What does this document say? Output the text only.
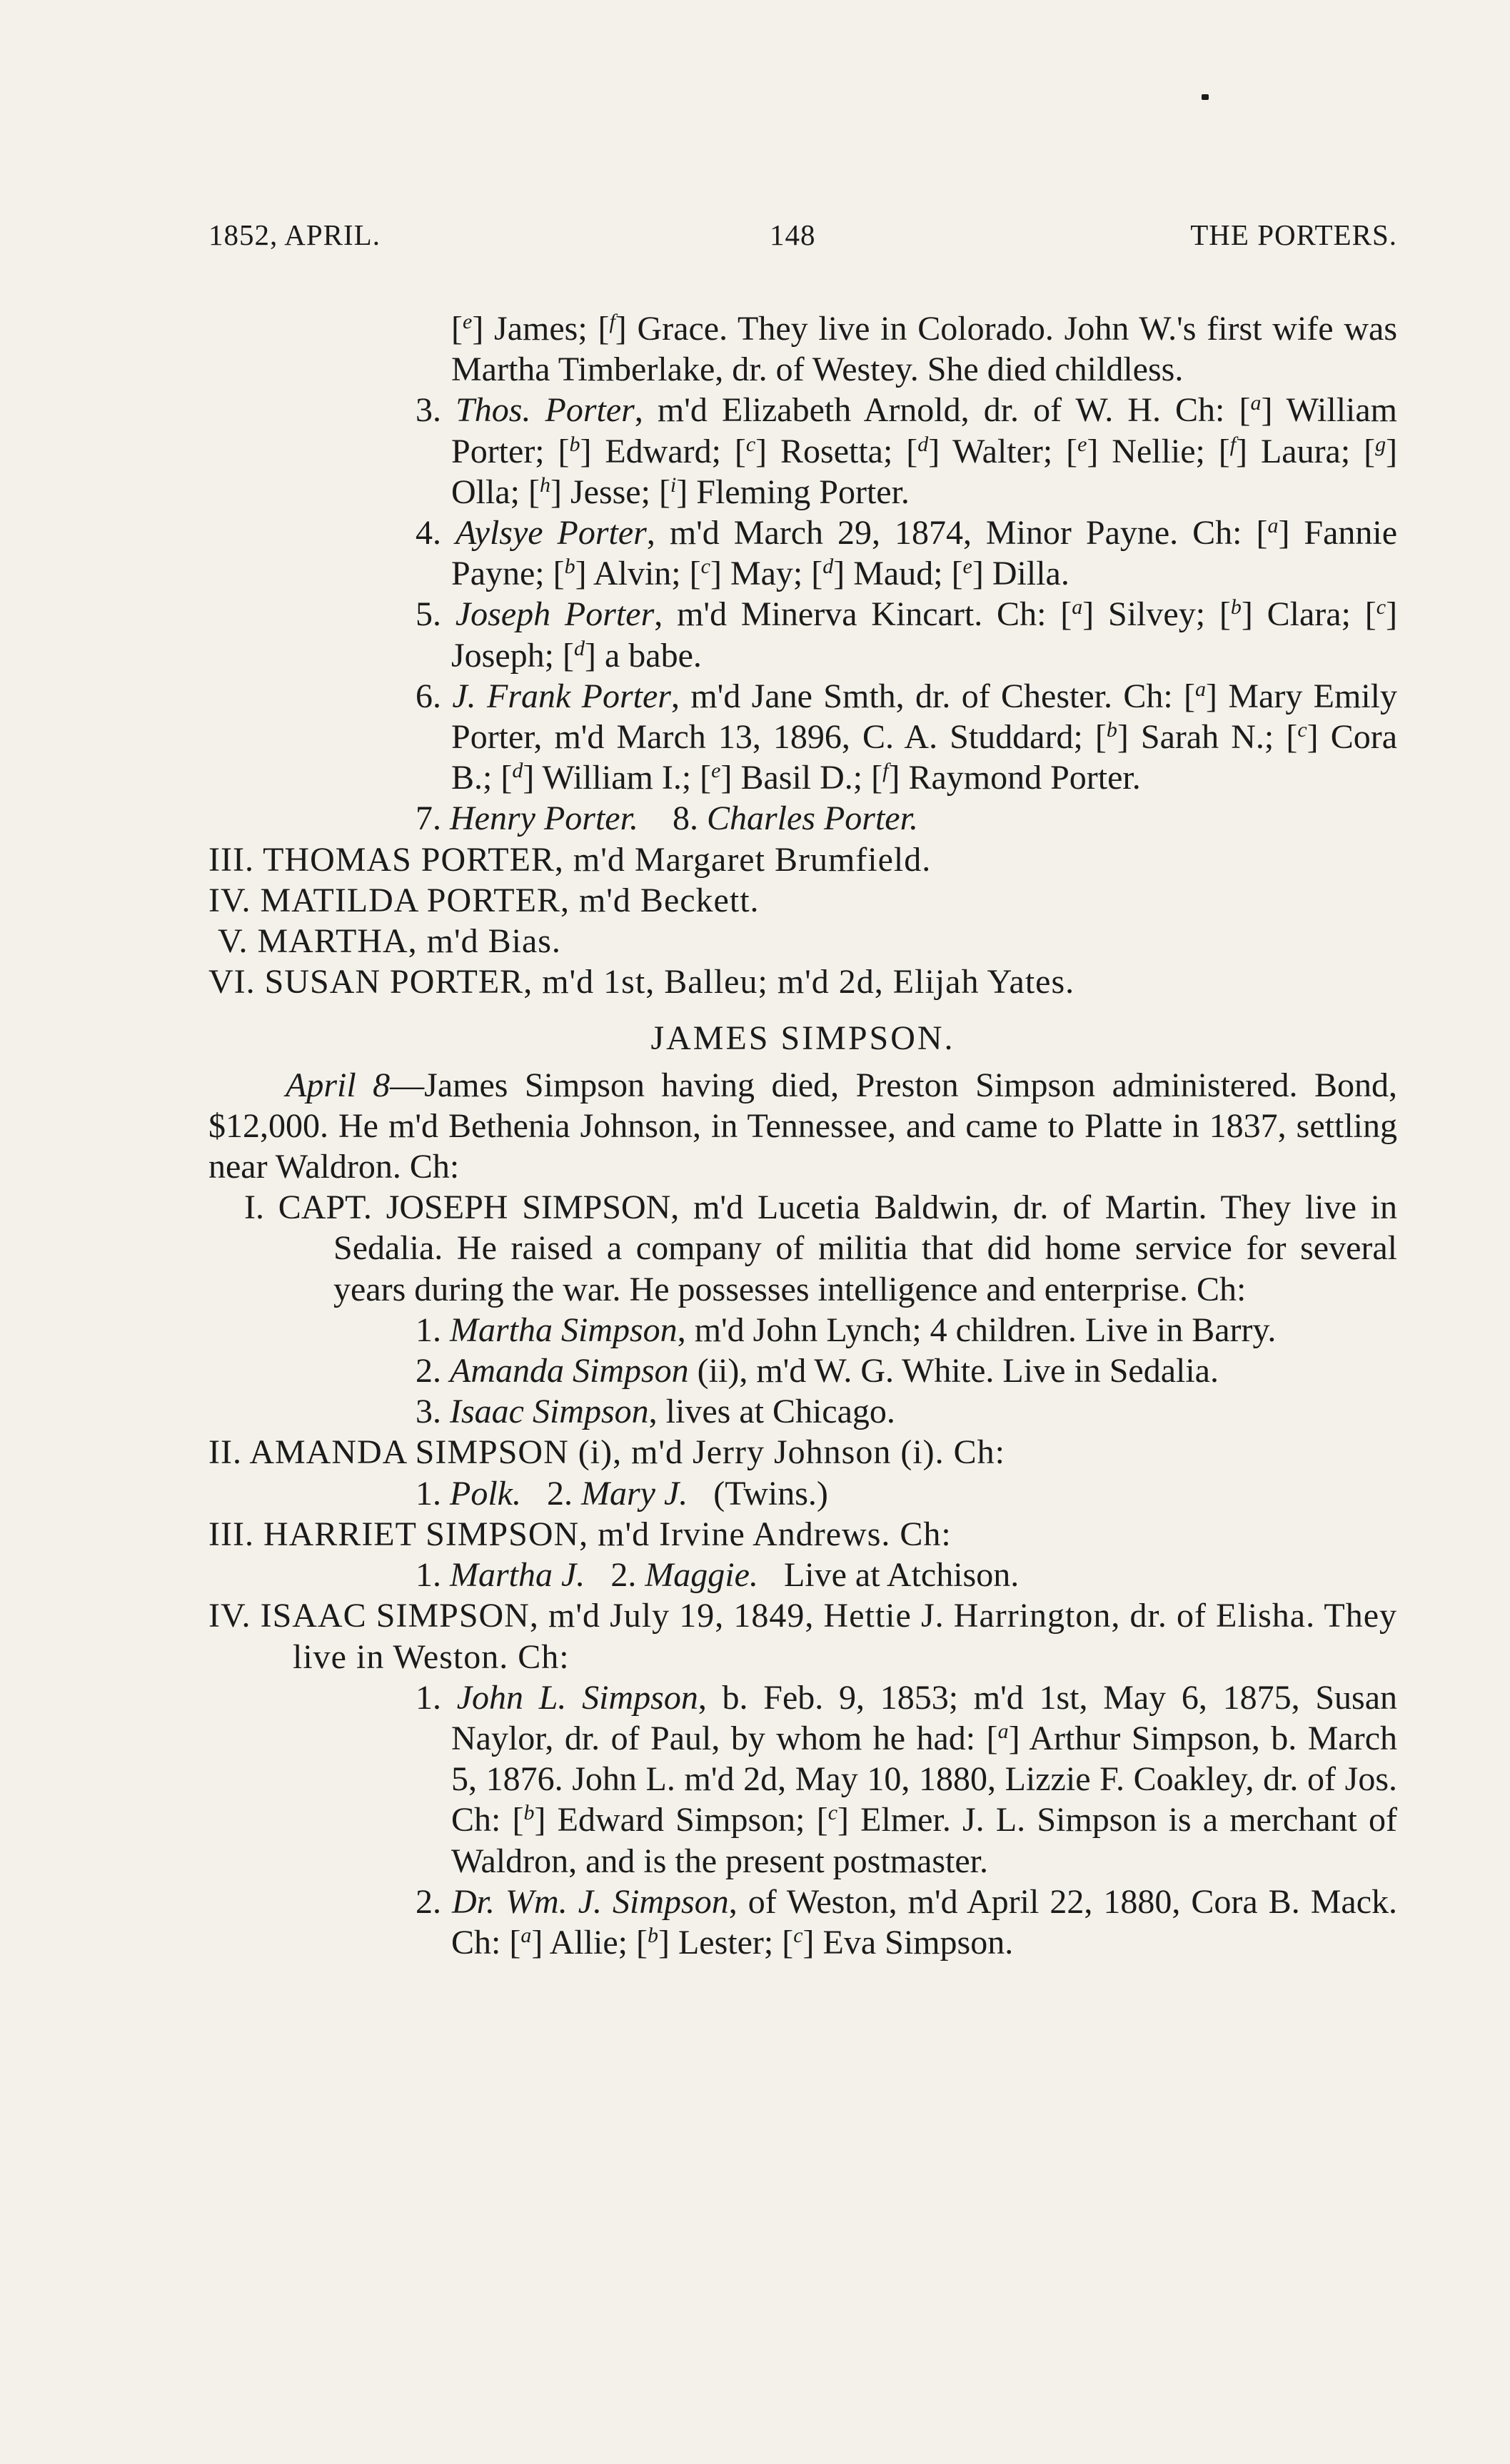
1852, APRIL.	148	THE PORTERS.
[$^e$] James; [$^f$] Grace. They live in Colorado. John W.'s first wife was Martha Timberlake, dr. of Westey. She died childless.
3. Thos. Porter, m'd Elizabeth Arnold, dr. of W. H. Ch: [$^a$] William Porter; [$^b$] Edward; [$^c$] Rosetta; [$^d$] Walter; [$^e$] Nellie; [$^f$] Laura; [$^g$] Olla; [$^h$] Jesse; [$^i$] Fleming Porter.
4. Aylsye Porter, m'd March 29, 1874, Minor Payne. Ch: [$^a$] Fannie Payne; [$^b$] Alvin; [$^c$] May; [$^d$] Maud; [$^e$] Dilla.
5. Joseph Porter, m'd Minerva Kincart. Ch: [$^a$] Silvey; [$^b$] Clara; [$^c$] Joseph; [$^d$] a babe.
6. J. Frank Porter, m'd Jane Smth, dr. of Chester. Ch: [$^a$] Mary Emily Porter, m'd March 13, 1896, C. A. Studdard; [$^b$] Sarah N.; [$^c$] Cora B.; [$^d$] William I.; [$^e$] Basil D.; [$^f$] Raymond Porter.
7. Henry Porter. 8. Charles Porter.
III. THOMAS PORTER, m'd Margaret Brumfield.
IV. MATILDA PORTER, m'd Beckett.
V. MARTHA, m'd Bias.
VI. SUSAN PORTER, m'd 1st, Balleu; m'd 2d, Elijah Yates.
JAMES SIMPSON.
April 8—James Simpson having died, Preston Simpson administered. Bond, $12,000. He m'd Bethenia Johnson, in Tennessee, and came to Platte in 1837, settling near Waldron. Ch:
I. CAPT. JOSEPH SIMPSON, m'd Lucetia Baldwin, dr. of Martin. They live in Sedalia. He raised a company of militia that did home service for several years during the war. He possesses intelligence and enterprise. Ch:
1. Martha Simpson, m'd John Lynch; 4 children. Live in Barry.
2. Amanda Simpson (ii), m'd W. G. White. Live in Sedalia.
3. Isaac Simpson, lives at Chicago.
II. AMANDA SIMPSON (i), m'd Jerry Johnson (i). Ch:
1. Polk. 2. Mary J. (Twins.)
III. HARRIET SIMPSON, m'd Irvine Andrews. Ch:
1. Martha J. 2. Maggie. Live at Atchison.
IV. ISAAC SIMPSON, m'd July 19, 1849, Hettie J. Harrington, dr. of Elisha. They live in Weston. Ch:
1. John L. Simpson, b. Feb. 9, 1853; m'd 1st, May 6, 1875, Susan Naylor, dr. of Paul, by whom he had: [$^a$] Arthur Simpson, b. March 5, 1876. John L. m'd 2d, May 10, 1880, Lizzie F. Coakley, dr. of Jos. Ch: [$^b$] Edward Simpson; [$^c$] Elmer. J. L. Simpson is a merchant of Waldron, and is the present postmaster.
2. Dr. Wm. J. Simpson, of Weston, m'd April 22, 1880, Cora B. Mack. Ch: [$^a$] Allie; [$^b$] Lester; [$^c$] Eva Simpson.
